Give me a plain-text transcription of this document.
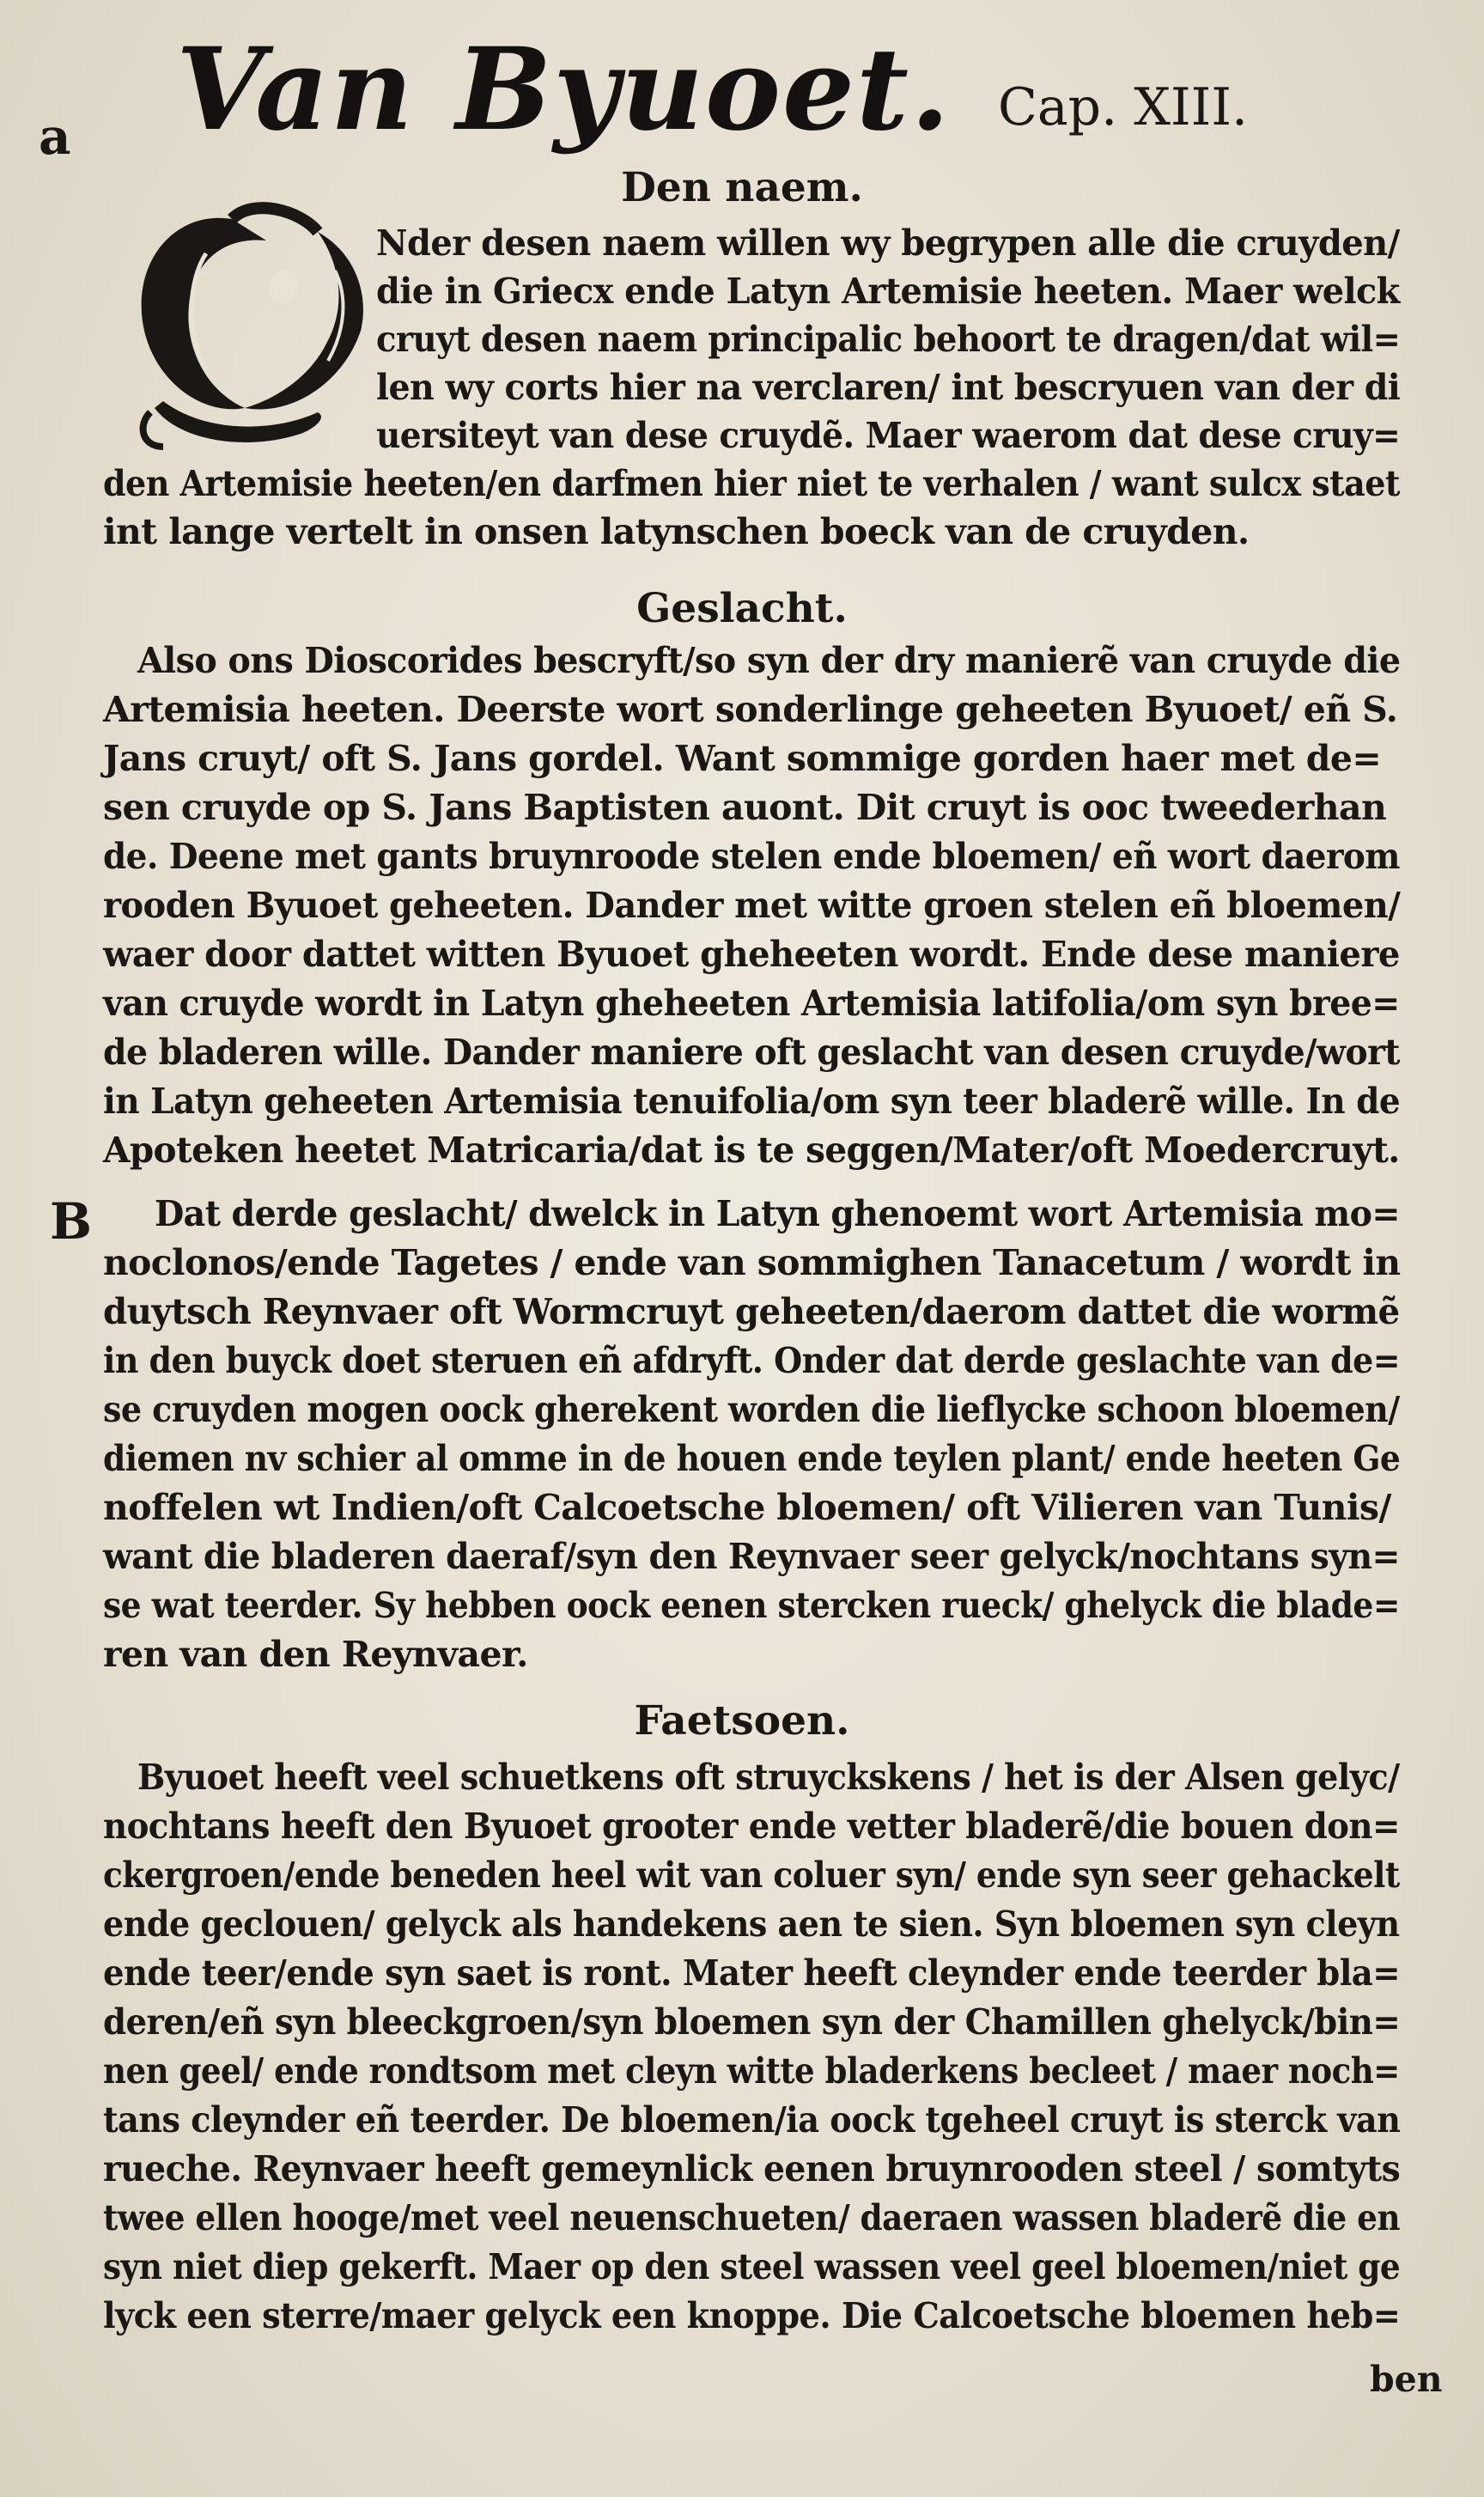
a
B
Van Byuoet. Cap. XIII.
Den naem.
Nder desen naem willen wy begrypen alle die cruyden/
die in Griecx ende Latyn Artemisie heeten. Maer welck
cruyt desen naem principalic behoort te dragen/dat wil=
len wy corts hier na verclaren/ int bescryuen van der di
uersiteyt van dese cruydẽ. Maer waerom dat dese cruy=
den Artemisie heeten/en darfmen hier niet te verhalen / want sulcx staet
int lange vertelt in onsen latynschen boeck van de cruyden.
Geslacht.
Also ons Dioscorides bescryft/so syn der dry manierẽ van cruyde die
Artemisia heeten. Deerste wort sonderlinge geheeten Byuoet/ eñ S.
Jans cruyt/ oft S. Jans gordel. Want sommige gorden haer met de=
sen cruyde op S. Jans Baptisten auont. Dit cruyt is ooc tweederhan
de. Deene met gants bruynroode stelen ende bloemen/ eñ wort daerom
rooden Byuoet geheeten. Dander met witte groen stelen eñ bloemen/
waer door dattet witten Byuoet gheheeten wordt. Ende dese maniere
van cruyde wordt in Latyn gheheeten Artemisia latifolia/om syn bree=
de bladeren wille. Dander maniere oft geslacht van desen cruyde/wort
in Latyn geheeten Artemisia tenuifolia/om syn teer bladerẽ wille. In de
Apoteken heetet Matricaria/dat is te seggen/Mater/oft Moedercruyt.
Dat derde geslacht/ dwelck in Latyn ghenoemt wort Artemisia mo=
noclonos/ende Tagetes / ende van sommighen Tanacetum / wordt in
duytsch Reynvaer oft Wormcruyt geheeten/daerom dattet die wormẽ
in den buyck doet steruen eñ afdryft. Onder dat derde geslachte van de=
se cruyden mogen oock gherekent worden die lieflycke schoon bloemen/
diemen nv schier al omme in de houen ende teylen plant/ ende heeten Ge
noffelen wt Indien/oft Calcoetsche bloemen/ oft Vilieren van Tunis/
want die bladeren daeraf/syn den Reynvaer seer gelyck/nochtans syn=
se wat teerder. Sy hebben oock eenen stercken rueck/ ghelyck die blade=
ren van den Reynvaer.
Faetsoen.
Byuoet heeft veel schuetkens oft struyckskens / het is der Alsen gelyc/
nochtans heeft den Byuoet grooter ende vetter bladerẽ/die bouen don=
ckergroen/ende beneden heel wit van coluer syn/ ende syn seer gehackelt
ende geclouen/ gelyck als handekens aen te sien. Syn bloemen syn cleyn
ende teer/ende syn saet is ront. Mater heeft cleynder ende teerder bla=
deren/eñ syn bleeckgroen/syn bloemen syn der Chamillen ghelyck/bin=
nen geel/ ende rondtsom met cleyn witte bladerkens becleet / maer noch=
tans cleynder eñ teerder. De bloemen/ia oock tgeheel cruyt is sterck van
rueche. Reynvaer heeft gemeynlick eenen bruynrooden steel / somtyts
twee ellen hooge/met veel neuenschueten/ daeraen wassen bladerẽ die en
syn niet diep gekerft. Maer op den steel wassen veel geel bloemen/niet ge
lyck een sterre/maer gelyck een knoppe. Die Calcoetsche bloemen heb=
ben
